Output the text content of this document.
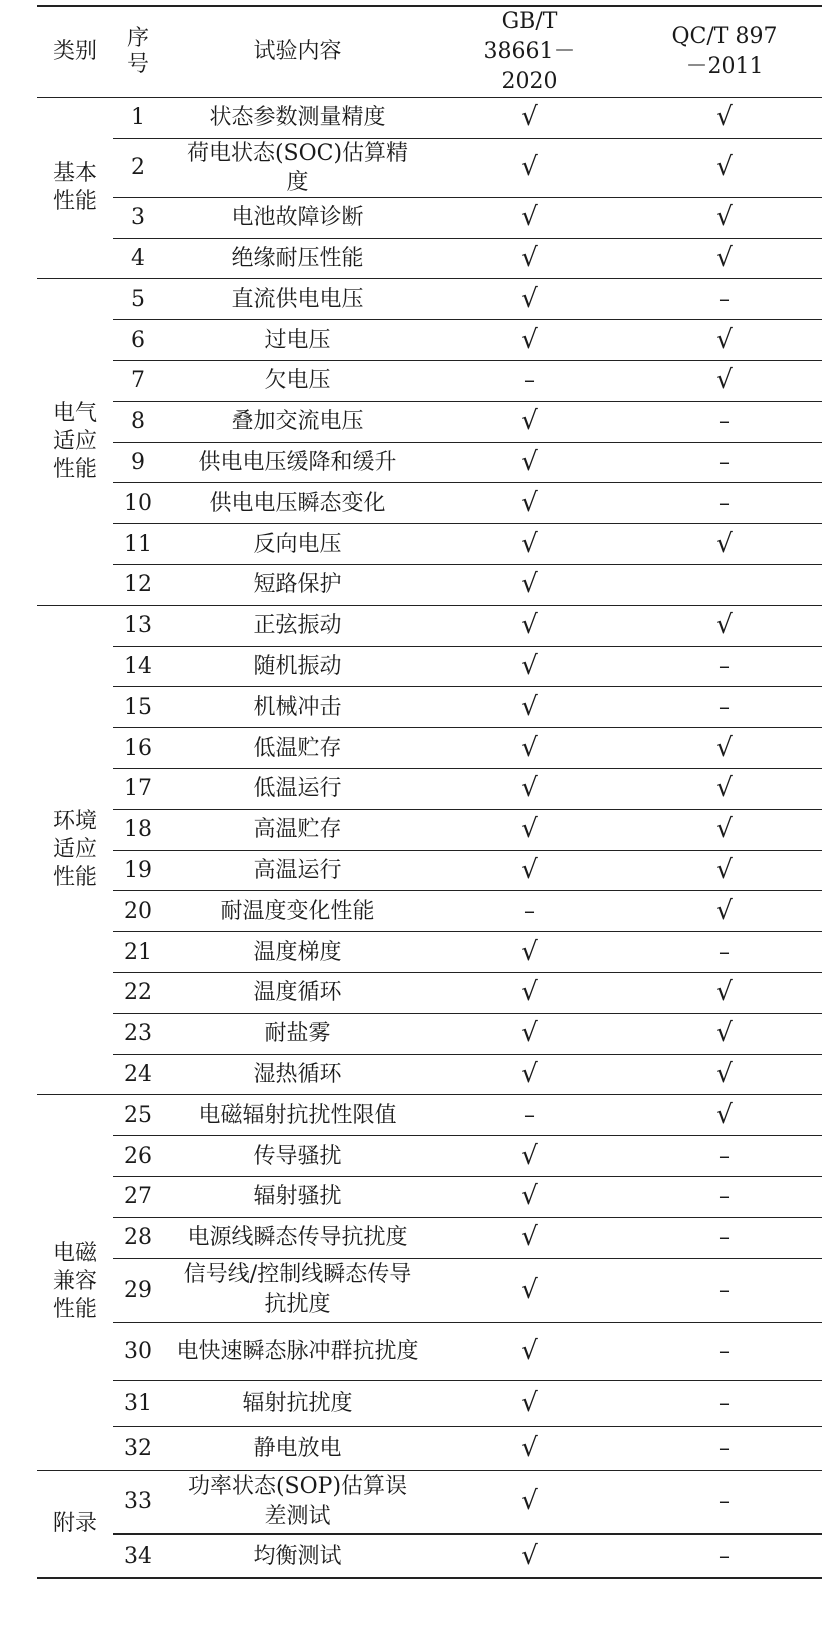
类别	序号	试验内容	GB/T 38661－2020	QC/T 897－2011
基本性能	1	状态参数测量精度	√	√
	2	荷电状态(SOC)估算精度	√	√
	3	电池故障诊断	√	√
	4	绝缘耐压性能	√	√
电气适应性能	5	直流供电电压	√	–
	6	过电压	√	√
	7	欠电压	–	√
	8	叠加交流电压	√	–
	9	供电电压缓降和缓升	√	–
	10	供电电压瞬态变化	√	–
	11	反向电压	√	√
	12	短路保护	√	
环境适应性能	13	正弦振动	√	√
	14	随机振动	√	–
	15	机械冲击	√	–
	16	低温贮存	√	√
	17	低温运行	√	√
	18	高温贮存	√	√
	19	高温运行	√	√
	20	耐温度变化性能	–	√
	21	温度梯度	√	–
	22	温度循环	√	√
	23	耐盐雾	√	√
	24	湿热循环	√	√
电磁兼容性能	25	电磁辐射抗扰性限值	–	√
	26	传导骚扰	√	–
	27	辐射骚扰	√	–
	28	电源线瞬态传导抗扰度	√	–
	29	信号线/控制线瞬态传导抗扰度	√	–
	30	电快速瞬态脉冲群抗扰度	√	–
	31	辐射抗扰度	√	–
	32	静电放电	√	–
附录	33	功率状态(SOP)估算误差测试	√	–
	34	均衡测试	√	–
